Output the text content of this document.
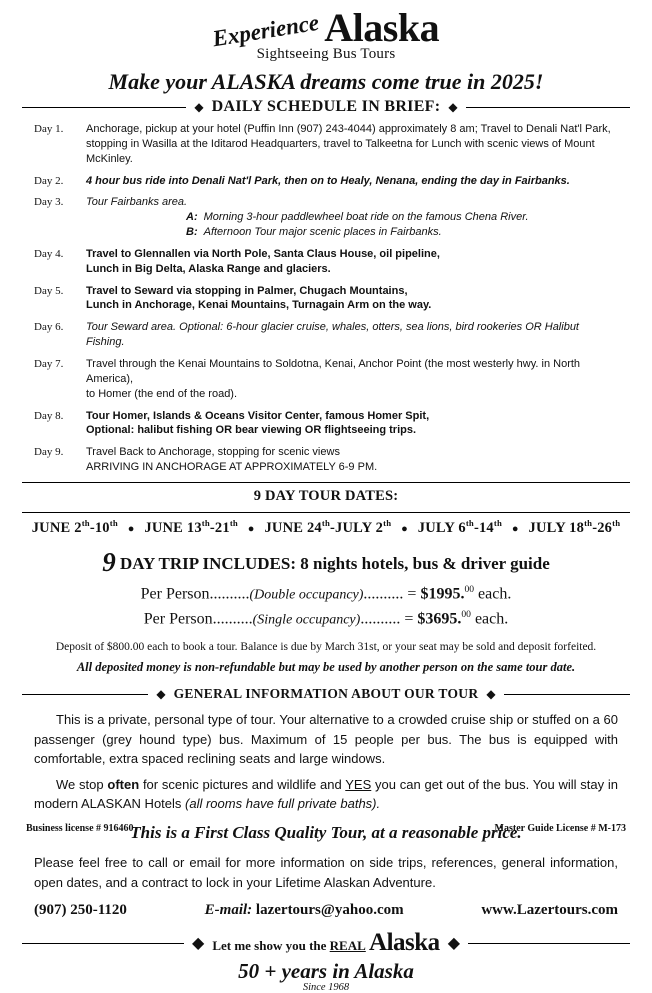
Experience Alaska
Sightseeing Bus Tours
Make your ALASKA dreams come true in 2025!
◆ DAILY SCHEDULE IN BRIEF: ◆
Day 1.	Anchorage, pickup at your hotel (Puffin Inn (907) 243-4044) approximately 8 am; Travel to Denali Nat'l Park,
stopping in Wasilla at the Iditarod Headquarters, travel to Talkeetna for Lunch with scenic views of Mount McKinley.
Day 2.	4 hour bus ride into Denali Nat'l Park, then on to Healy, Nenana, ending the day in Fairbanks.
Day 3.	Tour Fairbanks area.
A: Morning 3-hour paddlewheel boat ride on the famous Chena River.
B: Afternoon Tour major scenic places in Fairbanks.
Day 4.	Travel to Glennallen via North Pole, Santa Claus House, oil pipeline,
Lunch in Big Delta, Alaska Range and glaciers.
Day 5.	Travel to Seward via stopping in Palmer, Chugach Mountains,
Lunch in Anchorage, Kenai Mountains, Turnagain Arm on the way.
Day 6.	Tour Seward area. Optional: 6-hour glacier cruise, whales, otters, sea lions, bird rookeries OR Halibut Fishing.
Day 7.	Travel through the Kenai Mountains to Soldotna, Kenai, Anchor Point (the most westerly hwy. in North America),
to Homer (the end of the road).
Day 8.	Tour Homer, Islands & Oceans Visitor Center, famous Homer Spit,
Optional: halibut fishing OR bear viewing OR flightseeing trips.
Day 9.	Travel Back to Anchorage, stopping for scenic views
ARRIVING IN ANCHORAGE AT APPROXIMATELY 6-9 PM.
9 DAY TOUR DATES:
JUNE 2th-10th ● JUNE 13th-21th ● JUNE 24th-JULY 2th ● JULY 6th-14th ● JULY 18th-26th
9 DAY TRIP INCLUDES: 8 nights hotels, bus & driver guide
Per Person..........(Double occupancy).......... = $1995.00 each.
Per Person..........(Single occupancy).......... = $3695.00 each.
Deposit of $800.00 each to book a tour. Balance is due by March 31st, or your seat may be sold and deposit forfeited.
All deposited money is non-refundable but may be used by another person on the same tour date.
◆ GENERAL INFORMATION ABOUT OUR TOUR ◆

This is a private, personal type of tour. Your alternative to a crowded cruise ship or stuffed on a 60 passenger (grey hound type) bus. Maximum of 15 people per bus. The bus is equipped with comfortable, extra spaced reclining seats and large windows.

We stop often for scenic pictures and wildlife and YES you can get out of the bus. You will stay in modern ALASKAN Hotels (all rooms have full private baths).

This is a First Class Quality Tour, at a reasonable price.

Please feel free to call or email for more information on side trips, references, general information, open dates, and a contract to lock in your Lifetime Alaskan Adventure.

(907) 250-1120	E-mail: lazertours@yahoo.com	www.Lazertours.com
◆ Let me show you the REAL Alaska ◆
50 + years in Alaska
Since 1968
Business license # 916460	Master Guide License # M-173
